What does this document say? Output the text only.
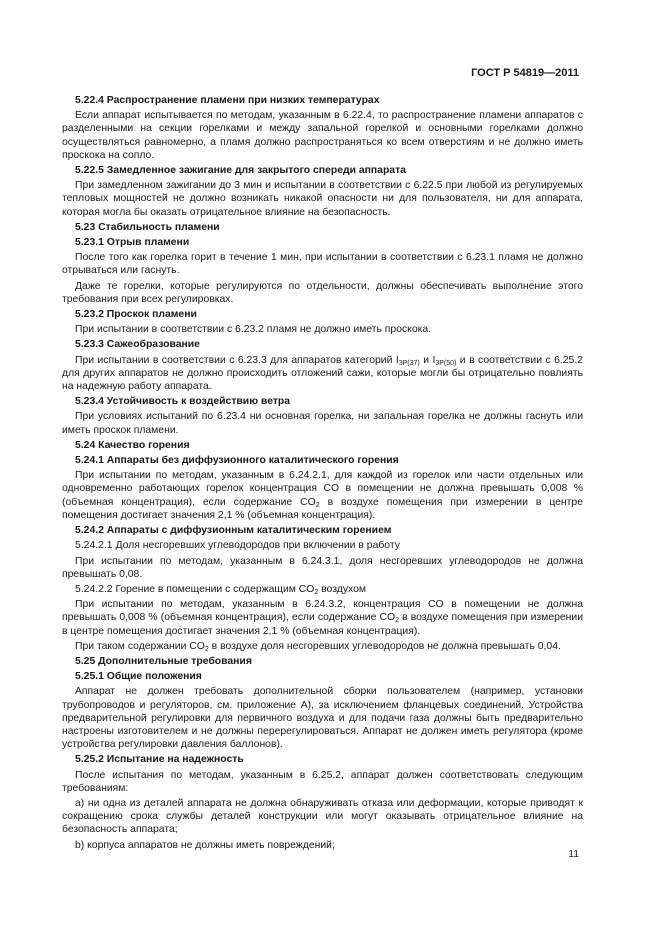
ГОСТ Р 54819—2011

5.22.4 Распространение пламени при низких температурах

Если аппарат испытывается по методам, указанным в 6.22.4, то распространение пламени аппаратов с разделенными на секции горелками и между запальной горелкой и основными горелками должно осуществляться равномерно, а пламя должно распространяться ко всем отверстиям и не должно иметь проскока на сопло.

5.22.5 Замедленное зажигание для закрытого спереди аппарата

При замедленном зажигании до 3 мин и испытании в соответствии с 6.22.5 при любой из регулируемых тепловых мощностей не должно возникать никакой опасности ни для пользователя, ни для аппарата, которая могла бы оказать отрицательное влияние на безопасность.

5.23 Стабильность пламени

5.23.1 Отрыв пламени

После того как горелка горит в течение 1 мин, при испытании в соответствии с 6.23.1 пламя не должно отрываться или гаснуть.

Даже те горелки, которые регулируются по отдельности, должны обеспечивать выполнение этого требования при всех регулировках.

5.23.2 Проскок пламени

При испытании в соответствии с 6.23.2 пламя не должно иметь проскока.

5.23.3 Сажеобразование

При испытании в соответствии с 6.23.3 для аппаратов категорий $I_{3P(37)}$ и $I_{3P(50)}$ и в соответствии с 6.25.2 для других аппаратов не должно происходить отложений сажи, которые могли бы отрицательно повлиять на надежную работу аппарата.

5.23.4 Устойчивость к воздействию ветра

При условиях испытаний по 6.23.4 ни основная горелка, ни запальная горелка не должны гаснуть или иметь проскок пламени.

5.24 Качество горения

5.24.1 Аппараты без диффузионного каталитического горения

При испытании по методам, указанным в 6.24.2.1, для каждой из горелок или части отдельных или одновременно работающих горелок концентрация CO в помещении не должна превышать 0,008 % (объемная концентрация), если содержание $CO_2$ в воздухе помещения при измерении в центре помещения достигает значения 2,1 % (объемная концентрация).

5.24.2 Аппараты с диффузионным каталитическим горением

5.24.2.1 Доля несгоревших углеводородов при включении в работу

При испытании по методам, указанным в 6.24.3.1, доля несгоревших углеводородов не должна превышать 0,08.

5.24.2.2 Горение в помещении с содержащим $CO_2$ воздухом

При испытании по методам, указанным в 6.24.3.2, концентрация CO в помещении не должна превышать 0,008 % (объемная концентрация), если содержание $CO_2$ в воздухе помещения при измерении в центре помещения достигает значения 2,1 % (объемная концентрация).

При таком содержании $CO_2$ в воздухе доля несгоревших углеводородов не должна превышать 0,04.

5.25 Дополнительные требования

5.25.1 Общие положения

Аппарат не должен требовать дополнительной сборки пользователем (например, установки трубопроводов и регуляторов, см. приложение А), за исключением фланцевых соединений. Устройства предварительной регулировки для первичного воздуха и для подачи газа должны быть предварительно настроены изготовителем и не должны перерегулироваться. Аппарат не должен иметь регулятора (кроме устройства регулировки давления баллонов).

5.25.2 Испытание на надежность

После испытания по методам, указанным в 6.25.2, аппарат должен соответствовать следующим требованиям:

a) ни одна из деталей аппарата не должна обнаруживать отказа или деформации, которые приводят к сокращению срока службы деталей конструкции или могут оказывать отрицательное влияние на безопасность аппарата;

b) корпуса аппаратов не должны иметь повреждений;

11
